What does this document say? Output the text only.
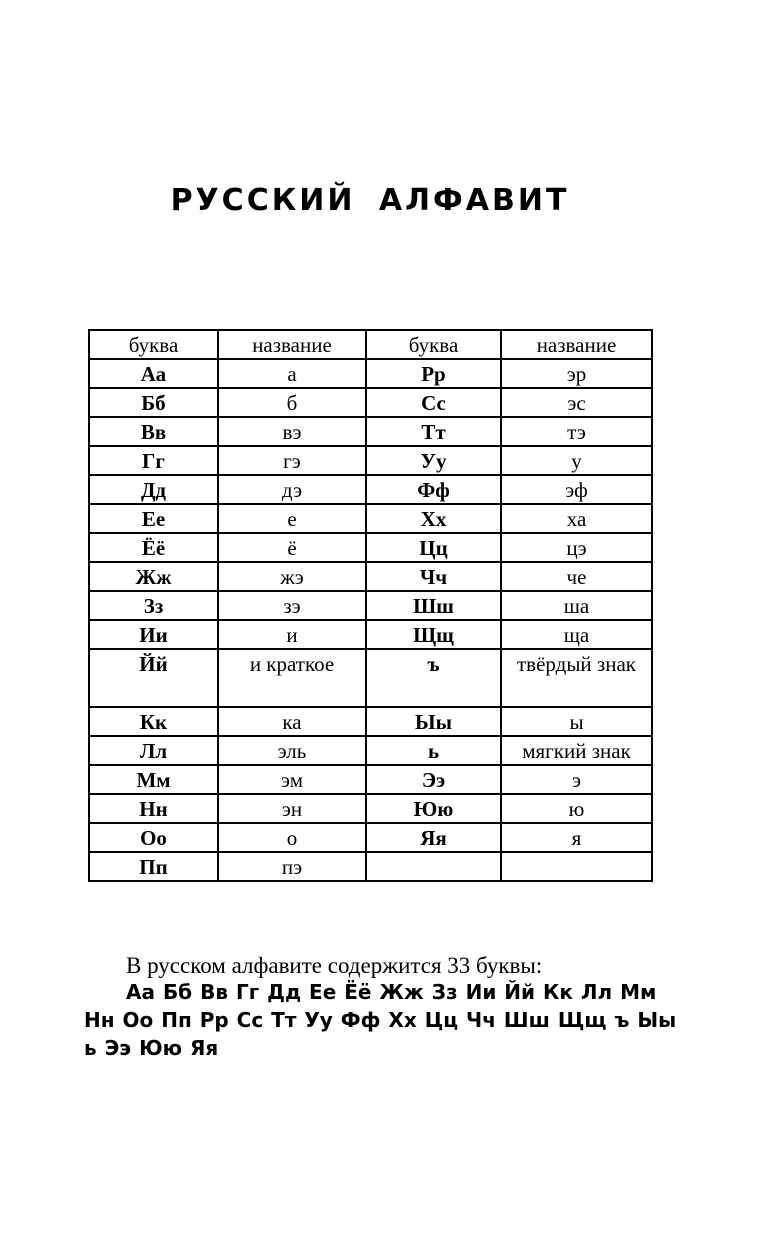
РУССКИЙ АЛФАВИТ
буква	название	буква	название
Аа	а	Рр	эр
Бб	б	Сс	эс
Вв	вэ	Тт	тэ
Гг	гэ	Уу	у
Дд	дэ	Фф	эф
Ее	е	Хх	ха
Ёё	ё	Цц	цэ
Жж	жэ	Чч	че
Зз	зэ	Шш	ша
Ии	и	Щщ	ща
Йй	и краткое	ъ	твёрдый знак
Кк	ка	Ыы	ы
Лл	эль	ь	мягкий знак
Мм	эм	Ээ	э
Нн	эн	Юю	ю
Оо	о	Яя	я
Пп	пэ		
В русском алфавите содержится 33 буквы:
Аа Бб Вв Гг Дд Ее Ёё Жж Зз Ии Йй Кк Лл Мм Нн Оо Пп Рр Сс Тт Уу Фф Хх Цц Чч Шш Щщ ъ Ыы ь Ээ Юю Яя
